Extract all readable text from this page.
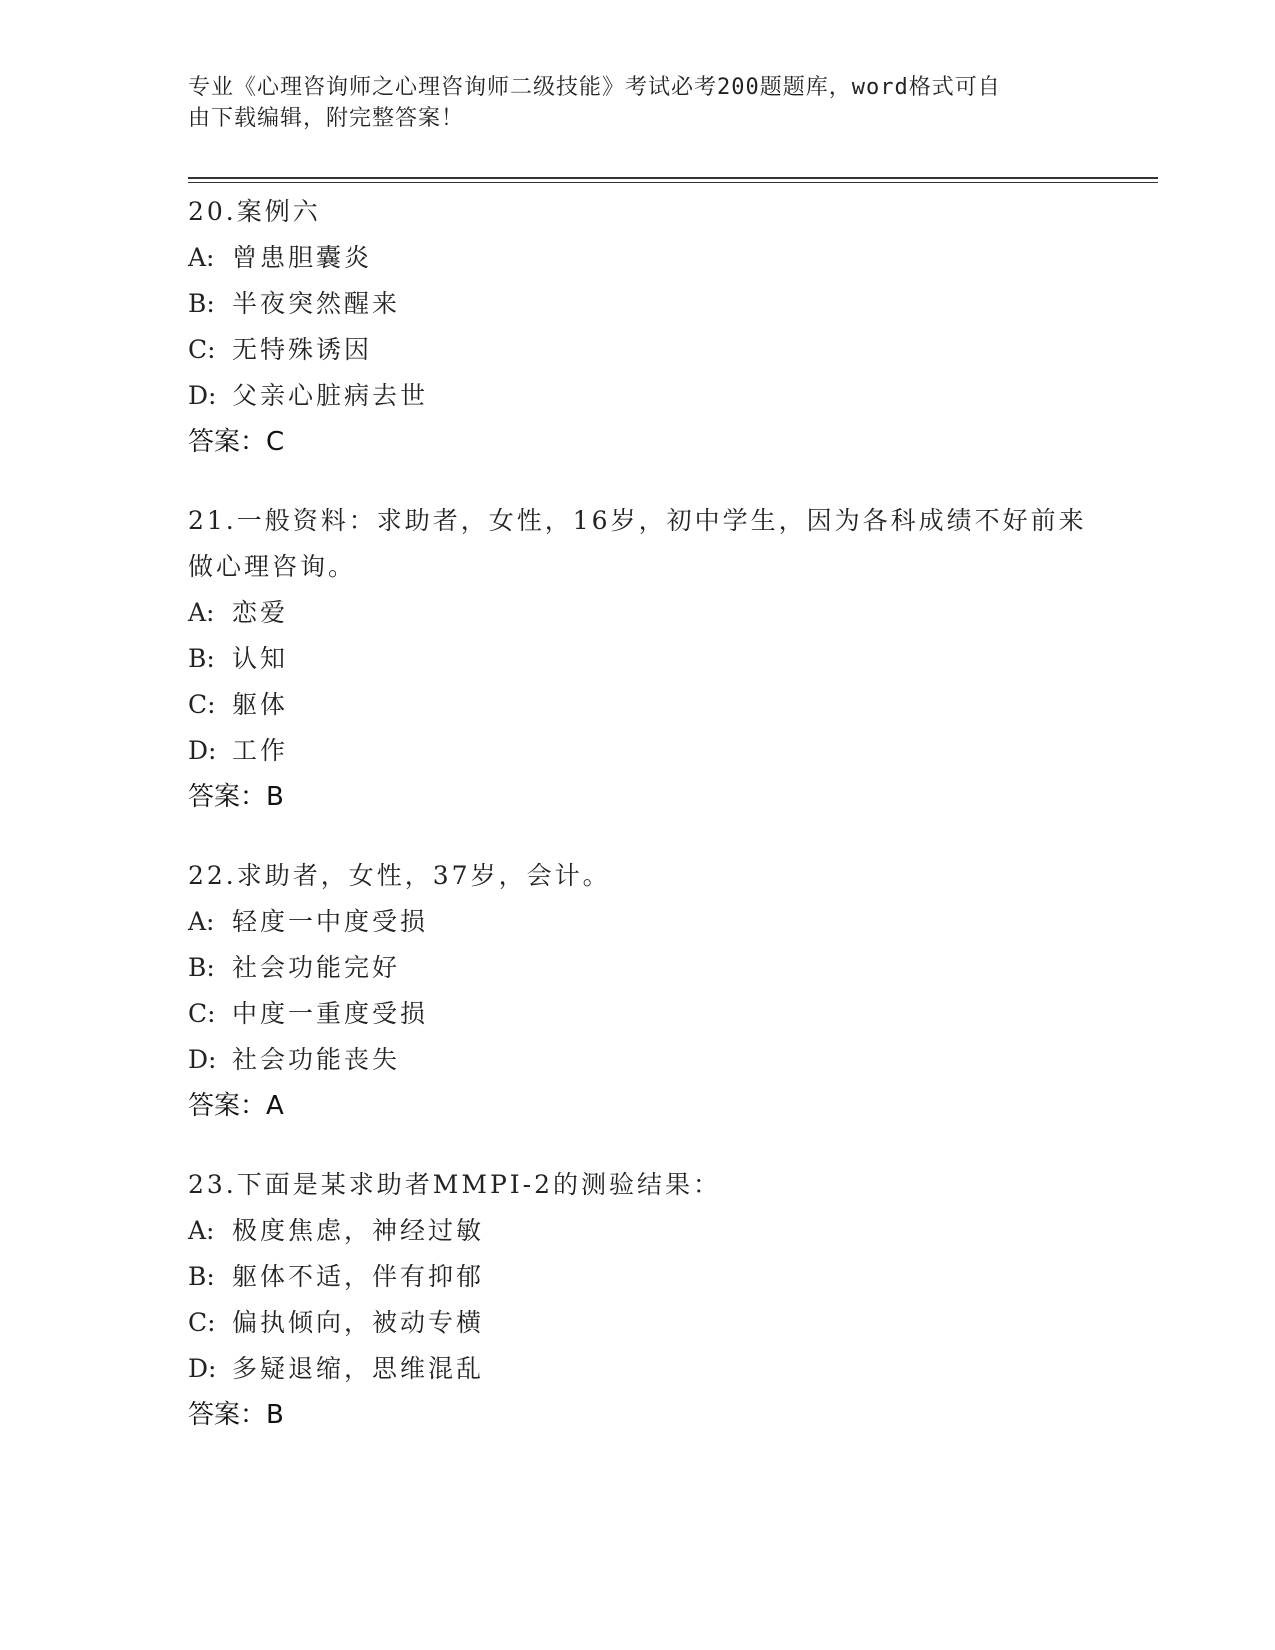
专业《心理咨询师之心理咨询师二级技能》考试必考200题题库，word格式可自
由下载编辑，附完整答案！
20.案例六
A: 曾患胆囊炎
B: 半夜突然醒来
C: 无特殊诱因
D: 父亲心脏病去世
答案：C
21.一般资料：求助者，女性，16岁，初中学生，因为各科成绩不好前来做心理咨询。
A: 恋爱
B: 认知
C: 躯体
D: 工作
答案：B
22.求助者，女性，37岁，会计。
A: 轻度一中度受损
B: 社会功能完好
C: 中度一重度受损
D: 社会功能丧失
答案：A
23.下面是某求助者MMPI-2的测验结果：
A: 极度焦虑，神经过敏
B: 躯体不适，伴有抑郁
C: 偏执倾向，被动专横
D: 多疑退缩，思维混乱
答案：B
